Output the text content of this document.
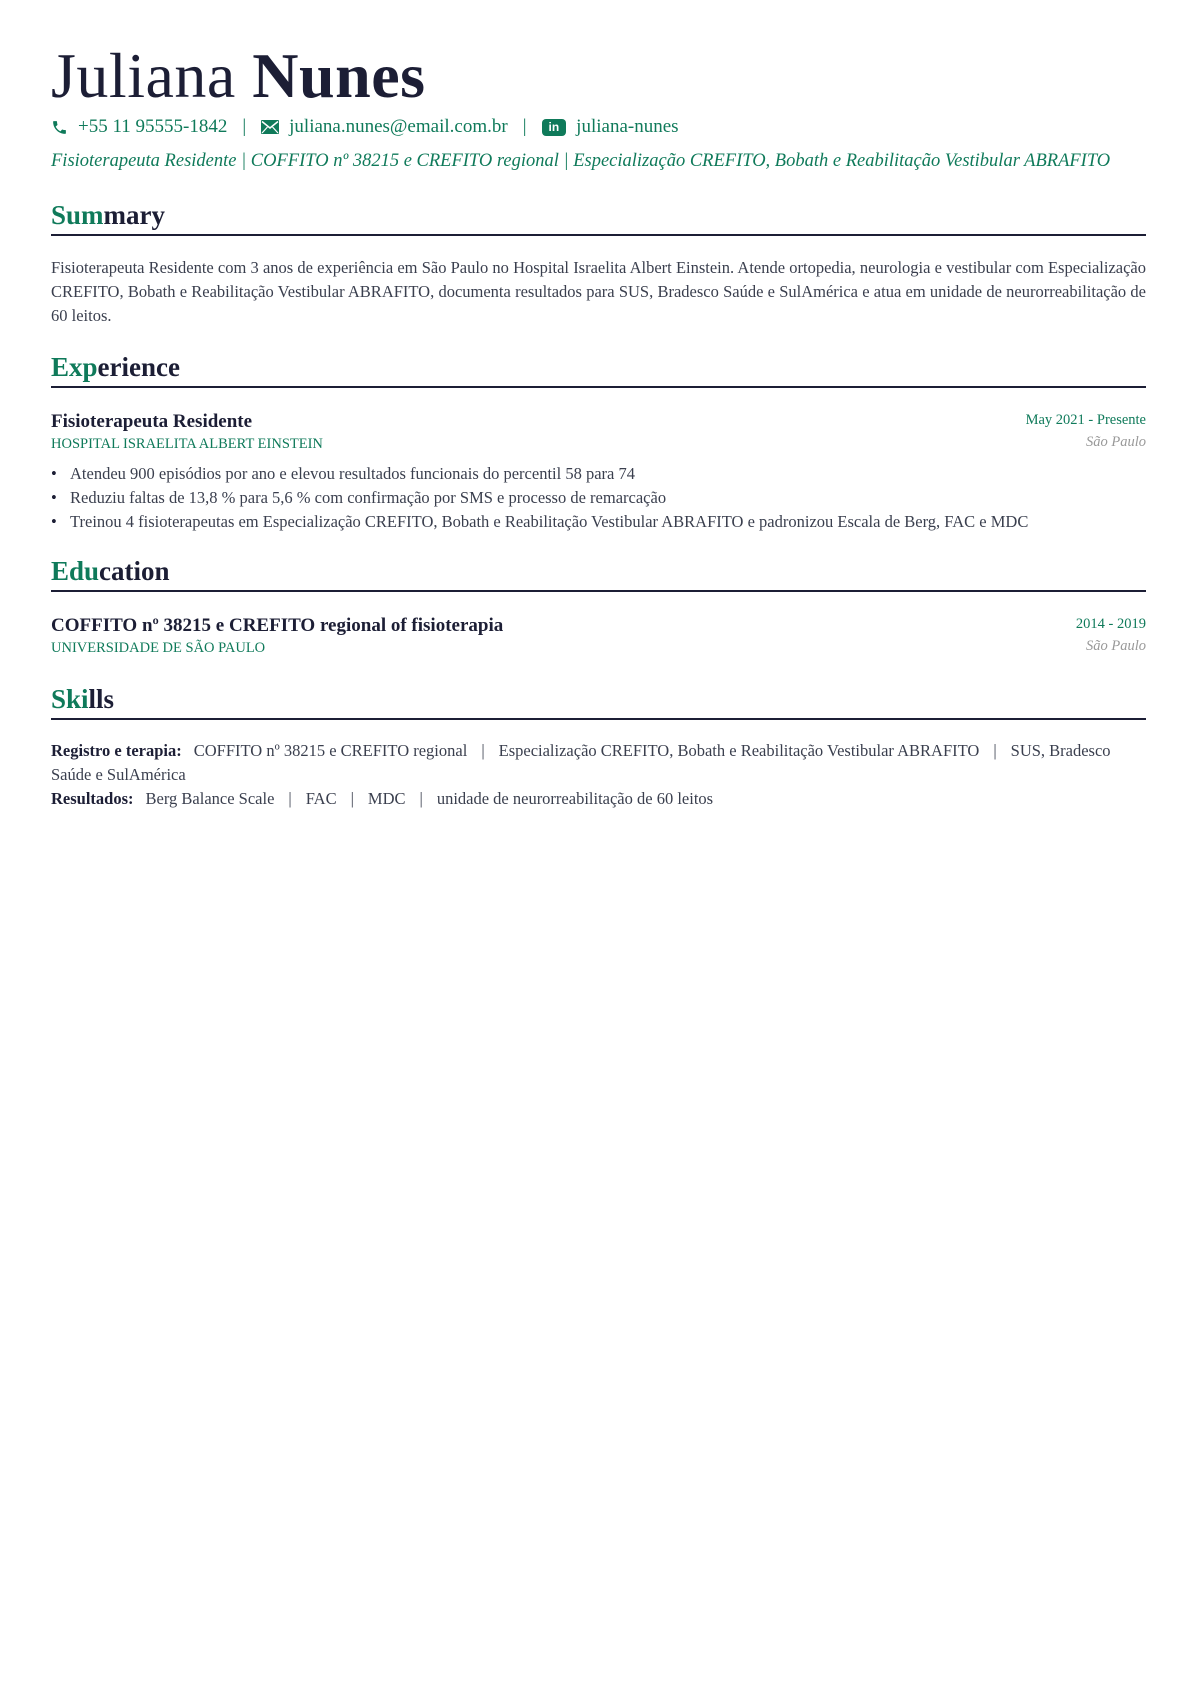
Juliana Nunes
+55 11 95555-1842 | juliana.nunes@email.com.br |	in juliana-nunes
Fisioterapeuta Residente | COFFITO nº 38215 e CREFITO regional | Especialização CREFITO, Bobath e Reabilitação Vestibular ABRAFITO
Summary

Fisioterapeuta Residente com 3 anos de experiência em São Paulo no Hospital Israelita Albert Einstein. Atende ortopedia, neurologia e vestibular com Especialização CREFITO, Bobath e Reabilitação Vestibular ABRAFITO, documenta resultados para SUS, Bradesco Saúde e SulAmérica e atua em unidade de neurorreabilitação de 60 leitos.

Experience
Fisioterapeuta Residente
HOSPITAL ISRAELITA ALBERT EINSTEIN
May 2021 - Presente
São Paulo
• Atendeu 900 episódios por ano e elevou resultados funcionais do percentil 58 para 74
• Reduziu faltas de 13,8 % para 5,6 % com confirmação por SMS e processo de remarcação
• Treinou 4 fisioterapeutas em Especialização CREFITO, Bobath e Reabilitação Vestibular ABRAFITO e padronizou Escala de Berg, FAC e MDC
Education
COFFITO nº 38215 e CREFITO regional of fisioterapia
UNIVERSIDADE DE SÃO PAULO
2014 - 2019
São Paulo
Skills

Registro e terapia: COFFITO nº 38215 e CREFITO regional | Especialização CREFITO, Bobath e Reabilitação Vestibular ABRAFITO | SUS, Bradesco Saúde e SulAmérica

Resultados: Berg Balance Scale | FAC | MDC | unidade de neurorreabilitação de 60 leitos
